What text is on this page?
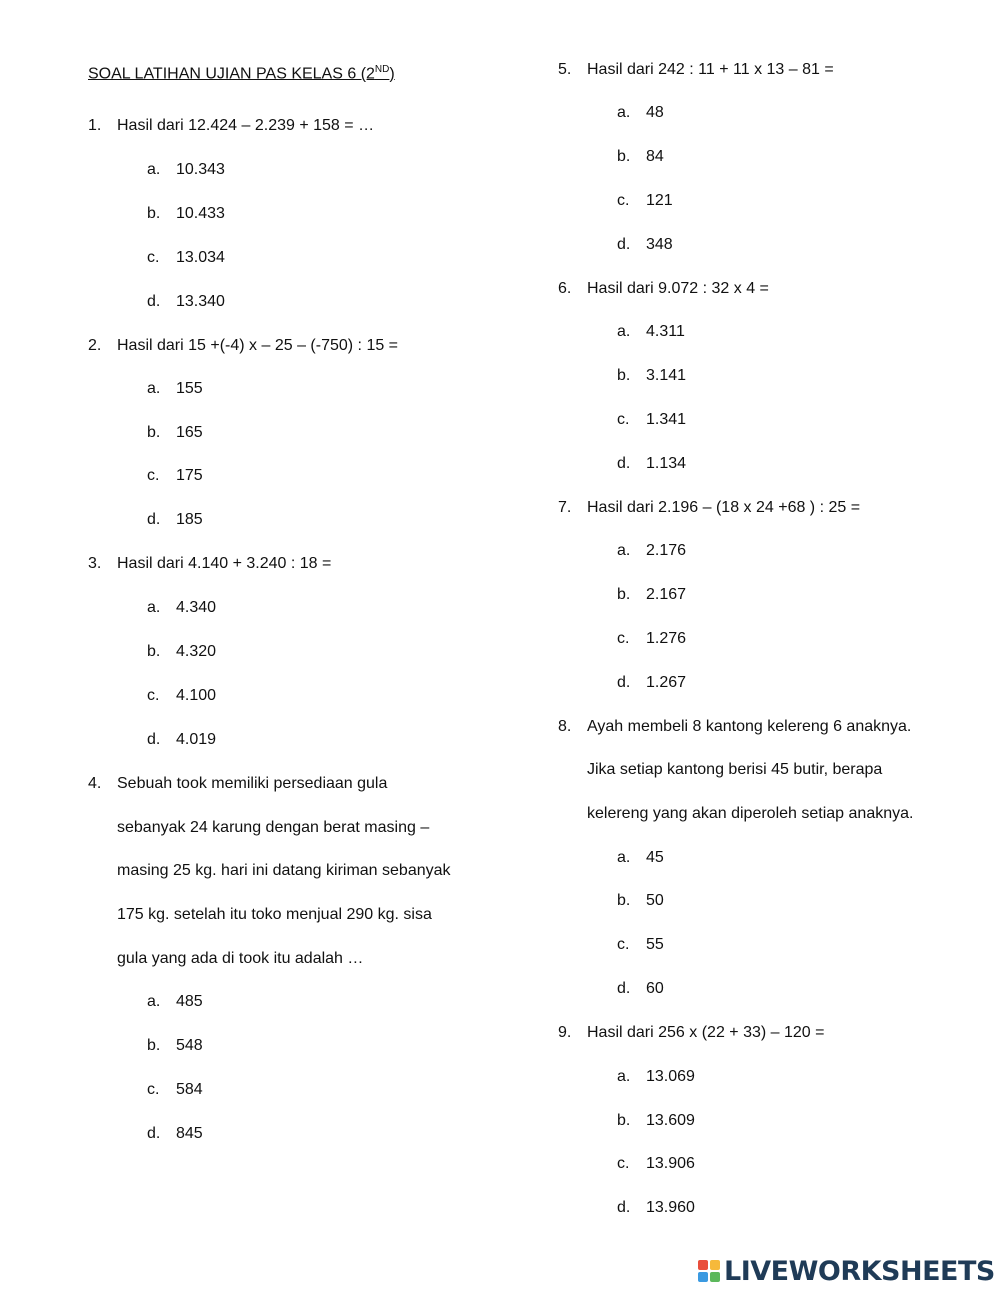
SOAL LATIHAN UJIAN PAS KELAS 6 (2ND)
1. Hasil dari 12.424 – 2.239 + 158 = …
a. 10.343
b. 10.433
c. 13.034
d. 13.340
2. Hasil dari 15 +(-4) x – 25 – (-750) : 15 =
a. 155
b. 165
c. 175
d. 185
3. Hasil dari 4.140 + 3.240 : 18 =
a. 4.340
b. 4.320
c. 4.100
d. 4.019
4. Sebuah took memiliki persediaan gula
sebanyak 24 karung dengan berat masing –
masing 25 kg. hari ini datang kiriman sebanyak
175 kg. setelah itu toko menjual 290 kg. sisa
gula yang ada di took itu adalah …
a. 485
b. 548
c. 584
d. 845
5. Hasil dari 242 : 11 + 11 x 13 – 81 =
a. 48
b. 84
c. 121
d. 348
6. Hasil dari 9.072 : 32 x 4 =
a. 4.311
b. 3.141
c. 1.341
d. 1.134
7. Hasil dari 2.196 – (18 x 24 +68 ) : 25 =
a. 2.176
b. 2.167
c. 1.276
d. 1.267
8. Ayah membeli 8 kantong kelereng 6 anaknya.
Jika setiap kantong berisi 45 butir, berapa
kelereng yang akan diperoleh setiap anaknya.
a. 45
b. 50
c. 55
d. 60
9. Hasil dari 256 x (22 + 33) – 120 =
a. 13.069
b. 13.609
c. 13.906
d. 13.960
LIVEWORKSHEETS
